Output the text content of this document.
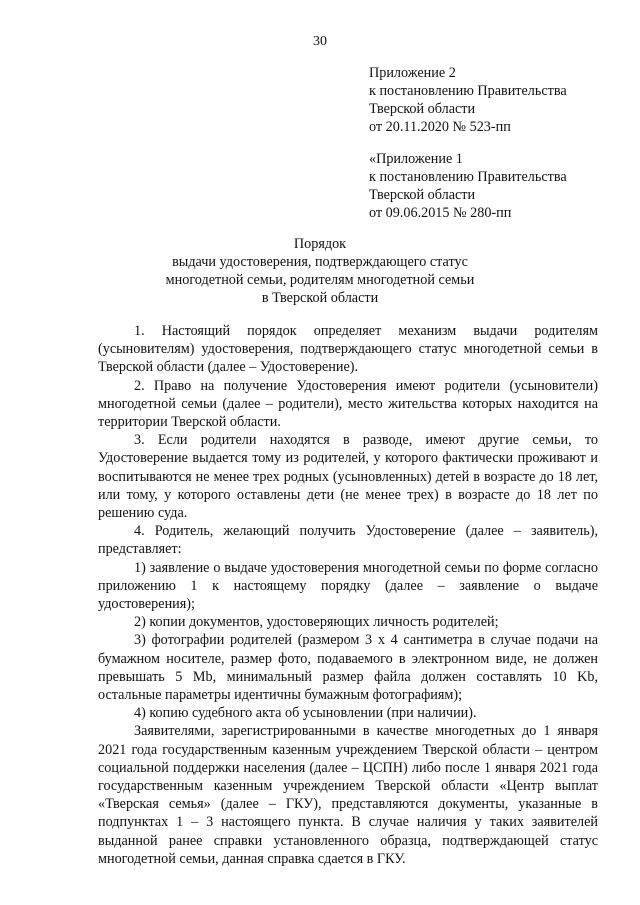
30
Приложение 2
к постановлению Правительства
Тверской области
от 20.11.2020 № 523-пп
«Приложение 1
к постановлению Правительства
Тверской области
от 09.06.2015 № 280-пп
Порядок
выдачи удостоверения, подтверждающего статус
многодетной семьи, родителям многодетной семьи
в Тверской области

1. Настоящий порядок определяет механизм выдачи родителям (усыновителям) удостоверения, подтверждающего статус многодетной семьи в Тверской области (далее – Удостоверение).

2. Право на получение Удостоверения имеют родители (усыновители) многодетной семьи (далее – родители), место жительства которых находится на территории Тверской области.

3. Если родители находятся в разводе, имеют другие семьи, то Удостоверение выдается тому из родителей, у которого фактически проживают и воспитываются не менее трех родных (усыновленных) детей в возрасте до 18 лет, или тому, у которого оставлены дети (не менее трех) в возрасте до 18 лет по решению суда.

4. Родитель, желающий получить Удостоверение (далее – заявитель), представляет:

1) заявление о выдаче удостоверения многодетной семьи по форме согласно приложению 1 к настоящему порядку (далее – заявление о выдаче удостоверения);

2) копии документов, удостоверяющих личность родителей;

3) фотографии родителей (размером 3 x 4 сантиметра в случае подачи на бумажном носителе, размер фото, подаваемого в электронном виде, не должен превышать 5 Mb, минимальный размер файла должен составлять 10 Kb, остальные параметры идентичны бумажным фотографиям);

4) копию судебного акта об усыновлении (при наличии).

Заявителями, зарегистрированными в качестве многодетных до 1 января 2021 года государственным казенным учреждением Тверской области – центром социальной поддержки населения (далее – ЦСПН) либо после 1 января 2021 года государственным казенным учреждением Тверской области «Центр выплат «Тверская семья» (далее – ГКУ), представляются документы, указанные в подпунктах 1 – 3 настоящего пункта. В случае наличия у таких заявителей выданной ранее справки установленного образца, подтверждающей статус многодетной семьи, данная справка сдается в ГКУ.
